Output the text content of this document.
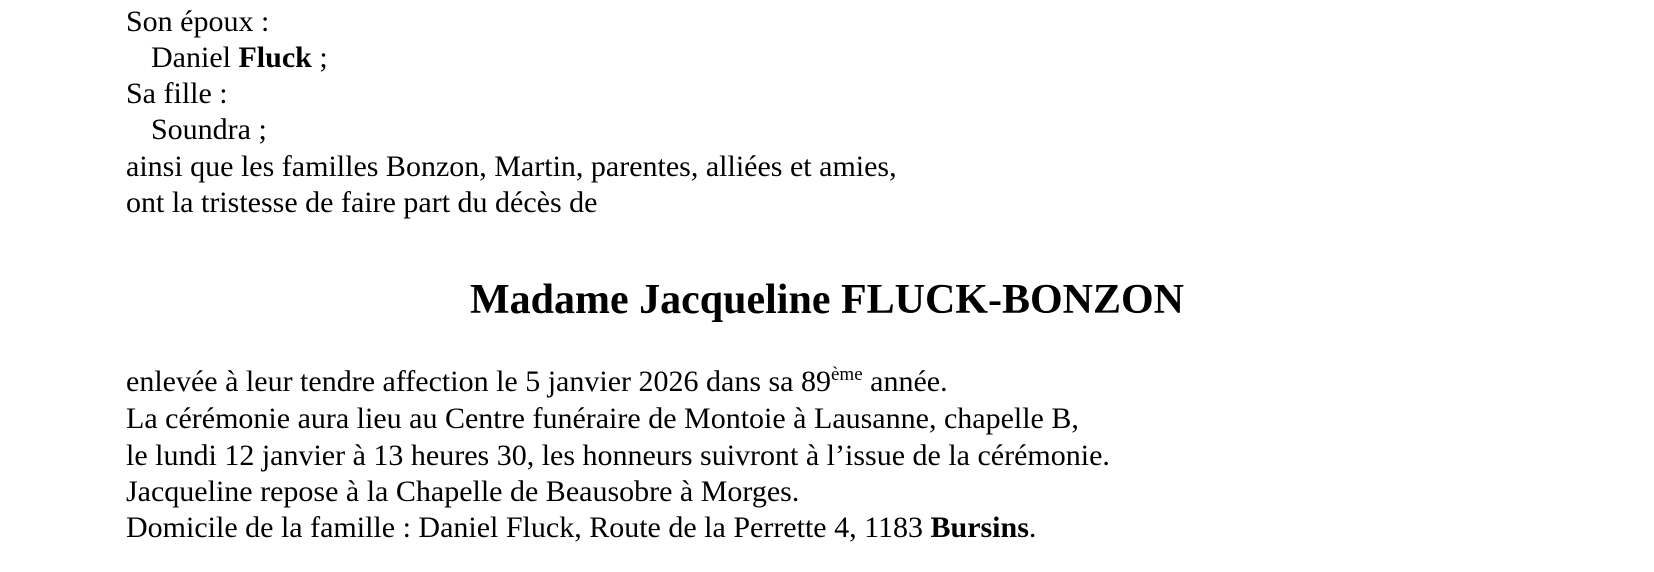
Son époux :
Daniel Fluck ;
Sa fille :
Soundra ;
ainsi que les familles Bonzon, Martin, parentes, alliées et amies,
ont la tristesse de faire part du décès de
Madame Jacqueline FLUCK-BONZON
enlevée à leur tendre affection le 5 janvier 2026 dans sa 89ème année.
La cérémonie aura lieu au Centre funéraire de Montoie à Lausanne, chapelle B,
le lundi 12 janvier à 13 heures 30, les honneurs suivront à l’issue de la cérémonie.
Jacqueline repose à la Chapelle de Beausobre à Morges.
Domicile de la famille : Daniel Fluck, Route de la Perrette 4, 1183 Bursins.
